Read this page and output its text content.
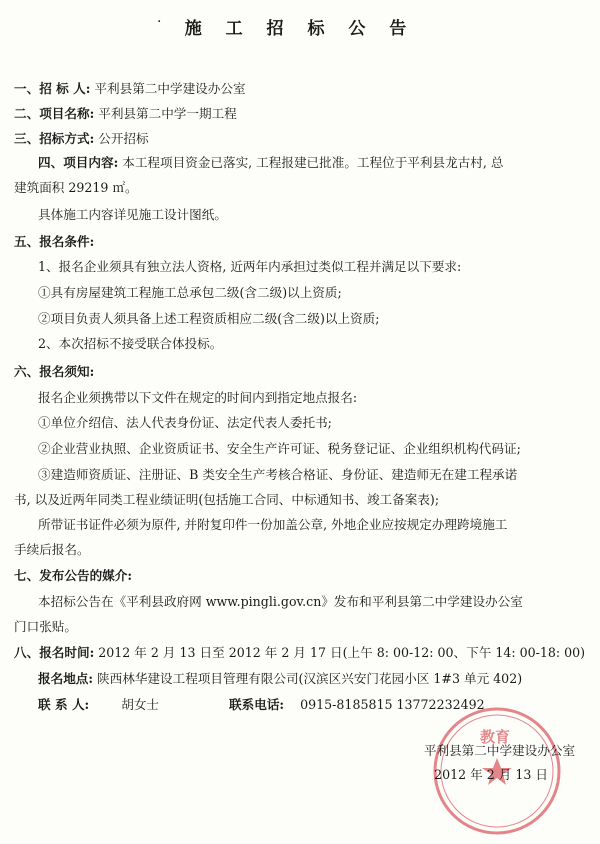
·	施 工 招 标 公 告
一、招 标 人: 平利县第二中学建设办公室
二、项目名称: 平利县第二中学一期工程
三、招标方式: 公开招标
四、项目内容: 本工程项目资金已落实, 工程报建已批准。工程位于平利县龙古村, 总
建筑面积 29219 ㎡。
具体施工内容详见施工设计图纸。
五、报名条件:
1、报名企业须具有独立法人资格, 近两年内承担过类似工程并满足以下要求:
①具有房屋建筑工程施工总承包二级(含二级)以上资质;
②项目负责人须具备上述工程资质相应二级(含二级)以上资质;
2、本次招标不接受联合体投标。
六、报名须知:
报名企业须携带以下文件在规定的时间内到指定地点报名:
①单位介绍信、法人代表身份证、法定代表人委托书;
②企业营业执照、企业资质证书、安全生产许可证、税务登记证、企业组织机构代码证;
③建造师资质证、注册证、B 类安全生产考核合格证、身份证、建造师无在建工程承诺
书, 以及近两年同类工程业绩证明(包括施工合同、中标通知书、竣工备案表);
所带证书证件必须为原件, 并附复印件一份加盖公章, 外地企业应按规定办理跨境施工
手续后报名。
七、发布公告的媒介:
本招标公告在《平利县政府网 www.pingli.gov.cn》发布和平利县第二中学建设办公室
门口张贴。
八、报名时间: 2012 年 2 月 13 日至 2012 年 2 月 17 日(上午 8: 00-12: 00、下午 14: 00-18: 00)
报名地点: 陕西林华建设工程项目管理有限公司(汉滨区兴安门花园小区 1#3 单元 402)
联 系 人:	胡女士	联系电话: 0915-8185815 13772232492
教育
平利县第二中学建设办公室
2012 年 2 月 13 日
